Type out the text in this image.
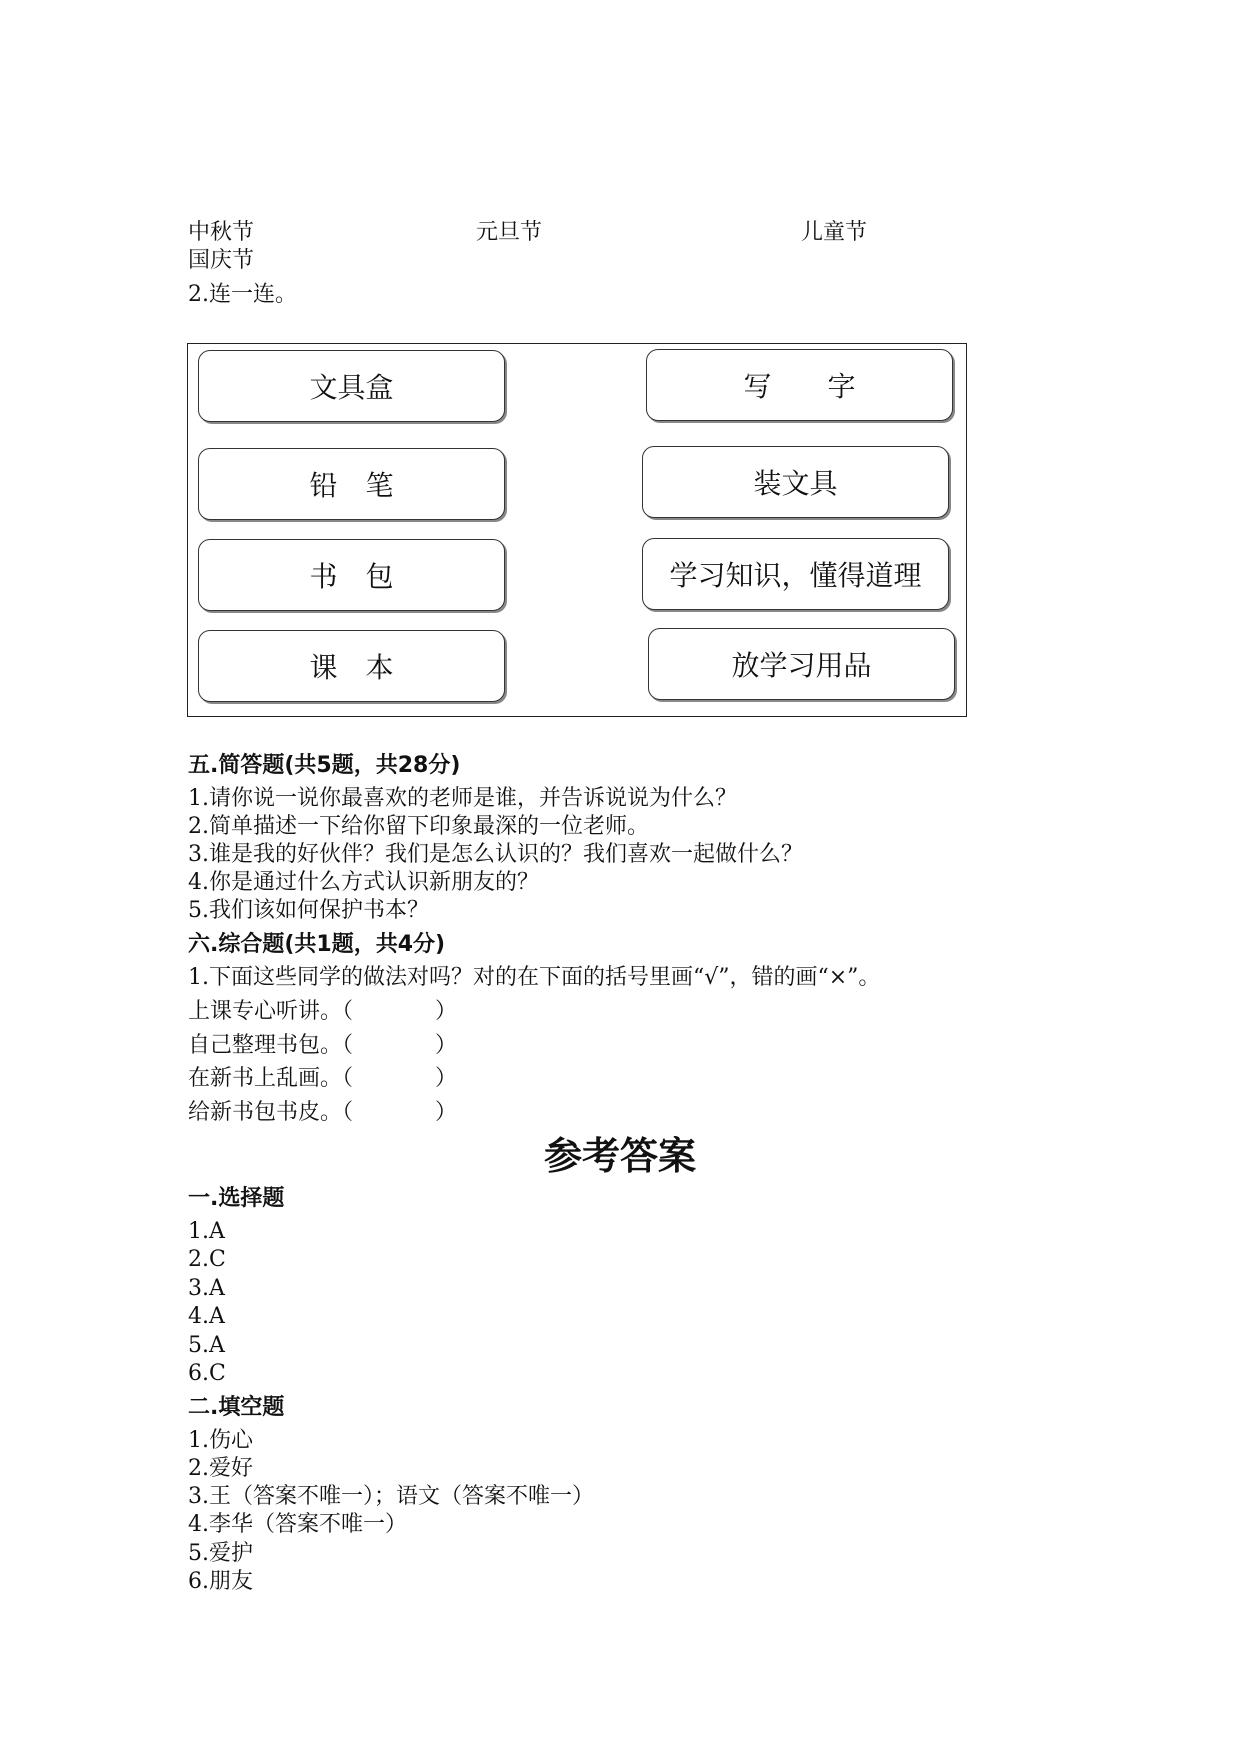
中秋节	元旦节	儿童节
国庆节
2.连一连。
文具盒
铅　笔
书　包
课　本
写　　字
装文具
学习知识，懂得道理
放学习用品
五.简答题(共5题，共28分)
1.请你说一说你最喜欢的老师是谁，并告诉说说为什么？
2.简单描述一下给你留下印象最深的一位老师。
3.谁是我的好伙伴？我们是怎么认识的？我们喜欢一起做什么？
4.你是通过什么方式认识新朋友的？
5.我们该如何保护书本？
六.综合题(共1题，共4分)
1.下面这些同学的做法对吗？对的在下面的括号里画“√”，错的画“×”。
上课专心听讲。（	）
自己整理书包。（	）
在新书上乱画。（	）
给新书包书皮。（	）
参考答案
一.选择题
1.A
2.C
3.A
4.A
5.A
6.C
二.填空题
1.伤心
2.爱好
3.王（答案不唯一）；语文（答案不唯一）
4.李华（答案不唯一）
5.爱护
6.朋友
